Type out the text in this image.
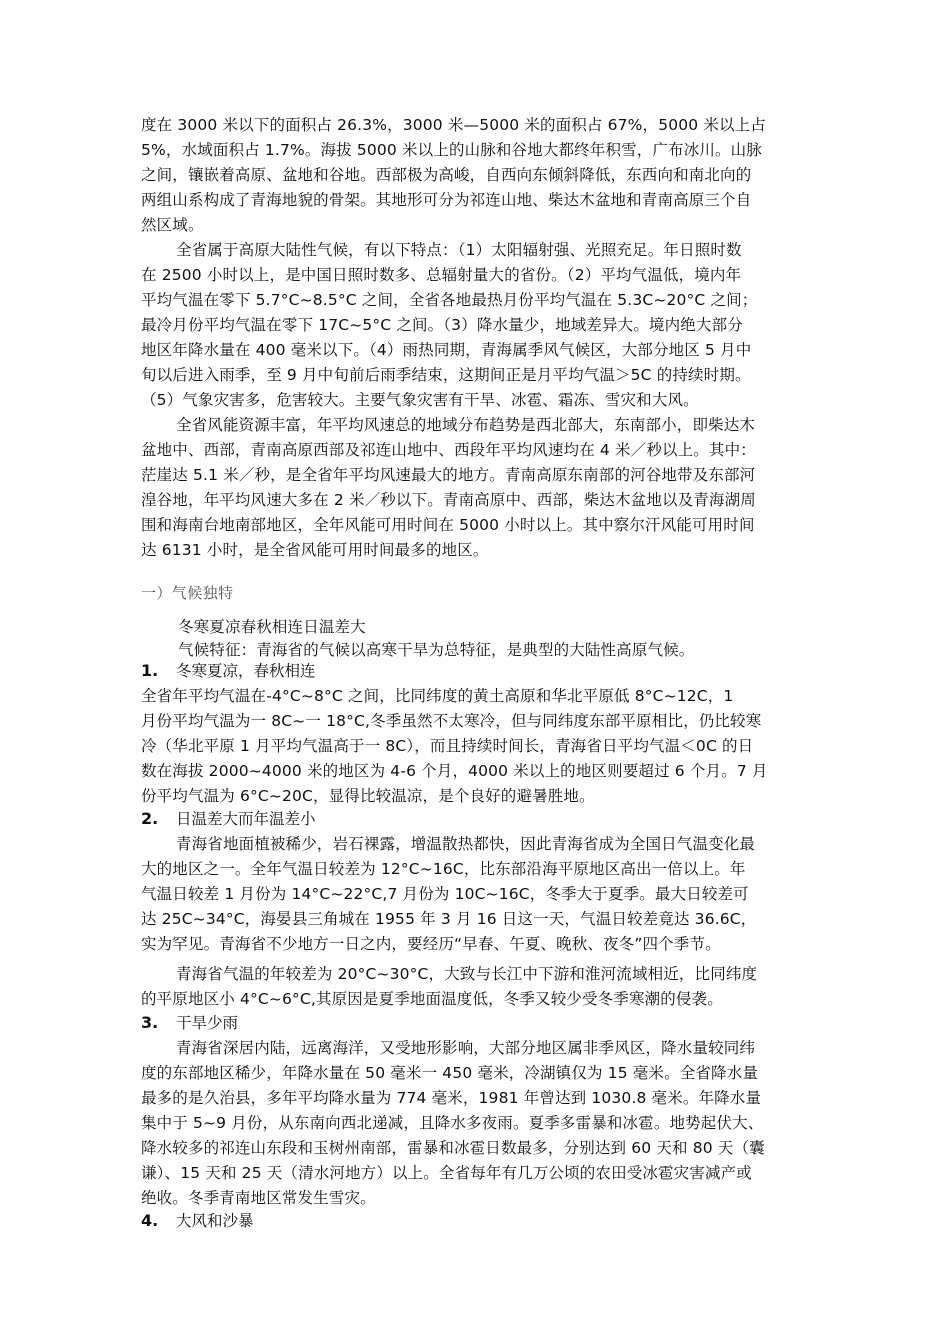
度在 3000 米以下的面积占 26.3%，3000 米—5000 米的面积占 67%，5000 米以上占
5%，水域面积占 1.7%。海拔 5000 米以上的山脉和谷地大都终年积雪，广布冰川。山脉
之间，镶嵌着高原、盆地和谷地。西部极为高峻，自西向东倾斜降低，东西向和南北向的
两组山系构成了青海地貌的骨架。其地形可分为祁连山地、柴达木盆地和青南高原三个自
然区域。
全省属于高原大陆性气候，有以下特点：（1）太阳辐射强、光照充足。年日照时数
在 2500 小时以上，是中国日照时数多、总辐射量大的省份。（2）平均气温低，境内年
平均气温在零下 5.7°C~8.5°C 之间，全省各地最热月份平均气温在 5.3C~20°C 之间；
最冷月份平均气温在零下 17C~5°C 之间。（3）降水量少，地域差异大。境内绝大部分
地区年降水量在 400 毫米以下。（4）雨热同期，青海属季风气候区，大部分地区 5 月中
旬以后进入雨季，至 9 月中旬前后雨季结束，这期间正是月平均气温＞5C 的持续时期。
（5）气象灾害多，危害较大。主要气象灾害有干旱、冰雹、霜冻、雪灾和大风。
全省风能资源丰富，年平均风速总的地域分布趋势是西北部大，东南部小，即柴达木
盆地中、西部，青南高原西部及祁连山地中、西段年平均风速均在 4 米／秒以上。其中：
茫崖达 5.1 米／秒，是全省年平均风速最大的地方。青南高原东南部的河谷地带及东部河
湟谷地，年平均风速大多在 2 米／秒以下。青南高原中、西部，柴达木盆地以及青海湖周
围和海南台地南部地区，全年风能可用时间在 5000 小时以上。其中察尔汗风能可用时间
达 6131 小时，是全省风能可用时间最多的地区。
一）气候独特
冬寒夏凉春秋相连日温差大
气候特征：青海省的气候以高寒干旱为总特征，是典型的大陆性高原气候。
1. 冬寒夏凉，春秋相连
全省年平均气温在-4°C~8°C 之间，比同纬度的黄土高原和华北平原低 8°C~12C，1
月份平均气温为一 8C~一 18°C,冬季虽然不太寒冷，但与同纬度东部平原相比，仍比较寒
冷（华北平原 1 月平均气温高于一 8C），而且持续时间长，青海省日平均气温＜0C 的日
数在海拔 2000~4000 米的地区为 4-6 个月，4000 米以上的地区则要超过 6 个月。7 月
份平均气温为 6°C~20C，显得比较温凉，是个良好的避暑胜地。
2. 日温差大而年温差小
青海省地面植被稀少，岩石裸露，增温散热都快，因此青海省成为全国日气温变化最
大的地区之一。全年气温日较差为 12°C~16C，比东部沿海平原地区高出一倍以上。年
气温日较差 1 月份为 14°C~22°C,7 月份为 10C~16C，冬季大于夏季。最大日较差可
达 25C~34°C，海晏县三角城在 1955 年 3 月 16 日这一天，气温日较差竟达 36.6C，
实为罕见。青海省不少地方一日之内，要经历“早春、午夏、晚秋、夜冬”四个季节。
青海省气温的年较差为 20°C~30°C，大致与长江中下游和淮河流域相近，比同纬度
的平原地区小 4°C~6°C,其原因是夏季地面温度低，冬季又较少受冬季寒潮的侵袭。
3. 干旱少雨
青海省深居内陆，远离海洋，又受地形影响，大部分地区属非季风区，降水量较同纬
度的东部地区稀少，年降水量在 50 毫米一 450 毫米，冷湖镇仅为 15 毫米。全省降水量
最多的是久治县，多年平均降水量为 774 毫米，1981 年曾达到 1030.8 毫米。年降水量
集中于 5~9 月份，从东南向西北递减，且降水多夜雨。夏季多雷暴和冰雹。地势起伏大、
降水较多的祁连山东段和玉树州南部，雷暴和冰雹日数最多，分别达到 60 天和 80 天（囊
谦）、15 天和 25 天（清水河地方）以上。全省每年有几万公顷的农田受冰雹灾害减产或
绝收。冬季青南地区常发生雪灾。
4. 大风和沙暴
